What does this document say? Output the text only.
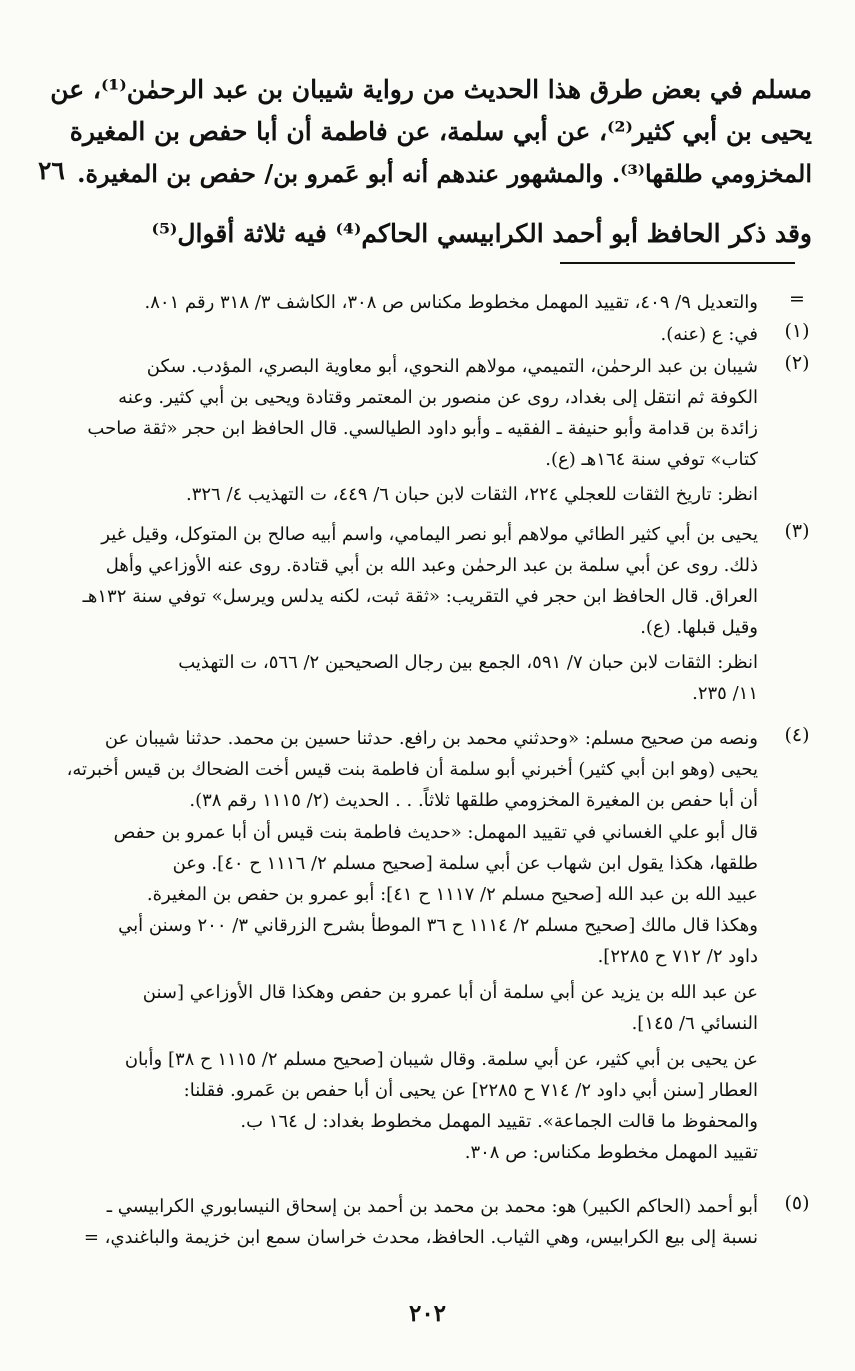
مسلم في بعض طرق هذا الحديث من رواية شيبان بن عبد الرحمٰن⁽¹⁾، عن
يحيى بن أبي كثير⁽²⁾، عن أبي سلمة، عن فاطمة أن أبا حفص بن المغيرة
المخزومي طلقها⁽³⁾. والمشهور عندهم أنه أبو عَمرو بن/ حفص بن المغيرة.
وقد ذكر الحافظ أبو أحمد الكرابيسي الحاكم⁽⁴⁾ فيه ثلاثة أقوال⁽⁵⁾
٢٦
=
والتعديل ٩/ ٤٠٩، تقييد المهمل مخطوط مكناس ص ٣٠٨، الكاشف ٣/ ٣١٨ رقم ٨٠١.
(١)
في: ع (عنه).
(٢)
شيبان بن عبد الرحمٰن، التميمي، مولاهم النحوي، أبو معاوية البصري، المؤدب. سكن
الكوفة ثم انتقل إلى بغداد، روى عن منصور بن المعتمر وقتادة ويحيى بن أبي كثير. وعنه
زائدة بن قدامة وأبو حنيفة ـ الفقيه ـ وأبو داود الطيالسي. قال الحافظ ابن حجر «ثقة صاحب
كتاب» توفي سنة ١٦٤هـ (ع).
انظر: تاريخ الثقات للعجلي ٢٢٤، الثقات لابن حبان ٦/ ٤٤٩، ت التهذيب ٤/ ٣٢٦.
(٣)
يحيى بن أبي كثير الطائي مولاهم أبو نصر اليمامي، واسم أبيه صالح بن المتوكل، وقيل غير
ذلك. روى عن أبي سلمة بن عبد الرحمٰن وعبد الله بن أبي قتادة. روى عنه الأوزاعي وأهل
العراق. قال الحافظ ابن حجر في التقريب: «ثقة ثبت، لكنه يدلس ويرسل» توفي سنة ١٣٢هـ
وقيل قبلها. (ع).
انظر: الثقات لابن حبان ٧/ ٥٩١، الجمع بين رجال الصحيحين ٢/ ٥٦٦، ت التهذيب
١١/ ٢٣٥.
(٤)
ونصه من صحيح مسلم: «وحدثني محمد بن رافع. حدثنا حسين بن محمد. حدثنا شيبان عن
يحيى (وهو ابن أبي كثير) أخبرني أبو سلمة أن فاطمة بنت قيس أخت الضحاك بن قيس أخبرته،
أن أبا حفص بن المغيرة المخزومي طلقها ثلاثاً. . . الحديث (٢/ ١١١٥ رقم ٣٨).
قال أبو علي الغساني في تقييد المهمل: «حديث فاطمة بنت قيس أن أبا عمرو بن حفص
طلقها، هكذا يقول ابن شهاب عن أبي سلمة [صحيح مسلم ٢/ ١١١٦ ح ٤٠]. وعن
عبيد الله بن عبد الله [صحيح مسلم ٢/ ١١١٧ ح ٤١]: أبو عمرو بن حفص بن المغيرة.
وهكذا قال مالك [صحيح مسلم ٢/ ١١١٤ ح ٣٦ الموطأ بشرح الزرقاني ٣/ ٢٠٠ وسنن أبي
داود ٢/ ٧١٢ ح ٢٢٨٥].
عن عبد الله بن يزيد عن أبي سلمة أن أبا عمرو بن حفص وهكذا قال الأوزاعي [سنن
النسائي ٦/ ١٤٥].
عن يحيى بن أبي كثير، عن أبي سلمة. وقال شيبان [صحيح مسلم ٢/ ١١١٥ ح ٣٨] وأبان
العطار [سنن أبي داود ٢/ ٧١٤ ح ٢٢٨٥] عن يحيى أن أبا حفص بن عَمرو. فقلنا:
والمحفوظ ما قالت الجماعة». تقييد المهمل مخطوط بغداد: ل ١٦٤ ب.
تقييد المهمل مخطوط مكناس: ص ٣٠٨.
(٥)
أبو أحمد (الحاكم الكبير) هو: محمد بن محمد بن أحمد بن إسحاق النيسابوري الكرابيسي ـ
نسبة إلى بيع الكرابيس، وهي الثياب. الحافظ، محدث خراسان سمع ابن خزيمة والباغندي، =
٢٠٢
